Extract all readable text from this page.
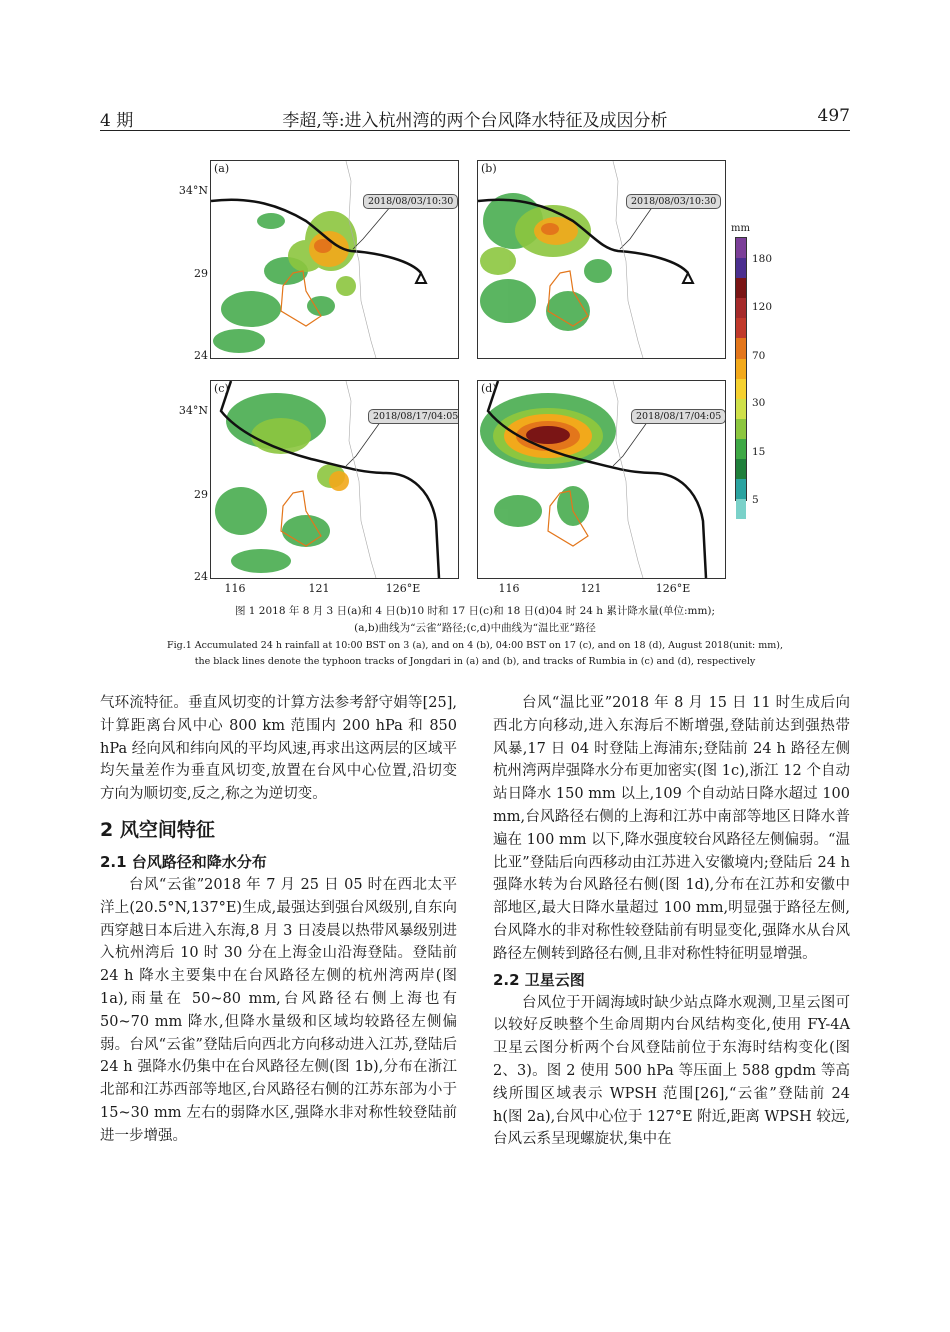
4 期	李超,等:进入杭州湾的两个台风降水特征及成因分析	497
34°N
29
24
34°N
29
24
(a)
2018/08/03/10:30
(b)
2018/08/03/10:30
(c)
2018/08/17/04:05
(d)
2018/08/17/04:05
116	121	126°E	116	121	126°E
mm
180
120
70
30
15
5
图 1 2018 年 8 月 3 日(a)和 4 日(b)10 时和 17 日(c)和 18 日(d)04 时 24 h 累计降水量(单位:mm);
(a,b)曲线为“云雀”路径;(c,d)中曲线为“温比亚”路径
Fig.1 Accumulated 24 h rainfall at 10:00 BST on 3 (a), and on 4 (b), 04:00 BST on 17 (c), and on 18 (d), August 2018(unit: mm),
the black lines denote the typhoon tracks of Jongdari in (a) and (b), and tracks of Rumbia in (c) and (d), respectively

气环流特征。垂直风切变的计算方法参考舒守娟等[25],计算距离台风中心 800 km 范围内 200 hPa 和 850 hPa 经向风和纬向风的平均风速,再求出这两层的区域平均矢量差作为垂直风切变,放置在台风中心位置,沿切变方向为顺切变,反之,称之为逆切变。

2 风空间特征
2.1 台风路径和降水分布

台风“云雀”2018 年 7 月 25 日 05 时在西北太平洋上(20.5°N,137°E)生成,最强达到强台风级别,自东向西穿越日本后进入东海,8 月 3 日凌晨以热带风暴级别进入杭州湾后 10 时 30 分在上海金山沿海登陆。登陆前 24 h 降水主要集中在台风路径左侧的杭州湾两岸(图 1a),雨量在 50~80 mm,台风路径右侧上海也有 50~70 mm 降水,但降水量级和区域均较路径左侧偏弱。台风“云雀”登陆后向西北方向移动进入江苏,登陆后 24 h 强降水仍集中在台风路径左侧(图 1b),分布在浙江北部和江苏西部等地区,台风路径右侧的江苏东部为小于 15~30 mm 左右的弱降水区,强降水非对称性较登陆前进一步增强。

台风“温比亚”2018 年 8 月 15 日 11 时生成后向西北方向移动,进入东海后不断增强,登陆前达到强热带风暴,17 日 04 时登陆上海浦东;登陆前 24 h 路径左侧杭州湾两岸强降水分布更加密实(图 1c),浙江 12 个自动站日降水 150 mm 以上,109 个自动站日降水超过 100 mm,台风路径右侧的上海和江苏中南部等地区日降水普遍在 100 mm 以下,降水强度较台风路径左侧偏弱。“温比亚”登陆后向西移动由江苏进入安徽境内;登陆后 24 h 强降水转为台风路径右侧(图 1d),分布在江苏和安徽中部地区,最大日降水量超过 100 mm,明显强于路径左侧,台风降水的非对称性较登陆前有明显变化,强降水从台风路径左侧转到路径右侧,且非对称性特征明显增强。

2.2 卫星云图

台风位于开阔海域时缺少站点降水观测,卫星云图可以较好反映整个生命周期内台风结构变化,使用 FY-4A 卫星云图分析两个台风登陆前位于东海时结构变化(图 2、3)。图 2 使用 500 hPa 等压面上 588 gpdm 等高线所围区域表示 WPSH 范围[26],“云雀”登陆前 24 h(图 2a),台风中心位于 127°E 附近,距离 WPSH 较远,台风云系呈现螺旋状,集中在
